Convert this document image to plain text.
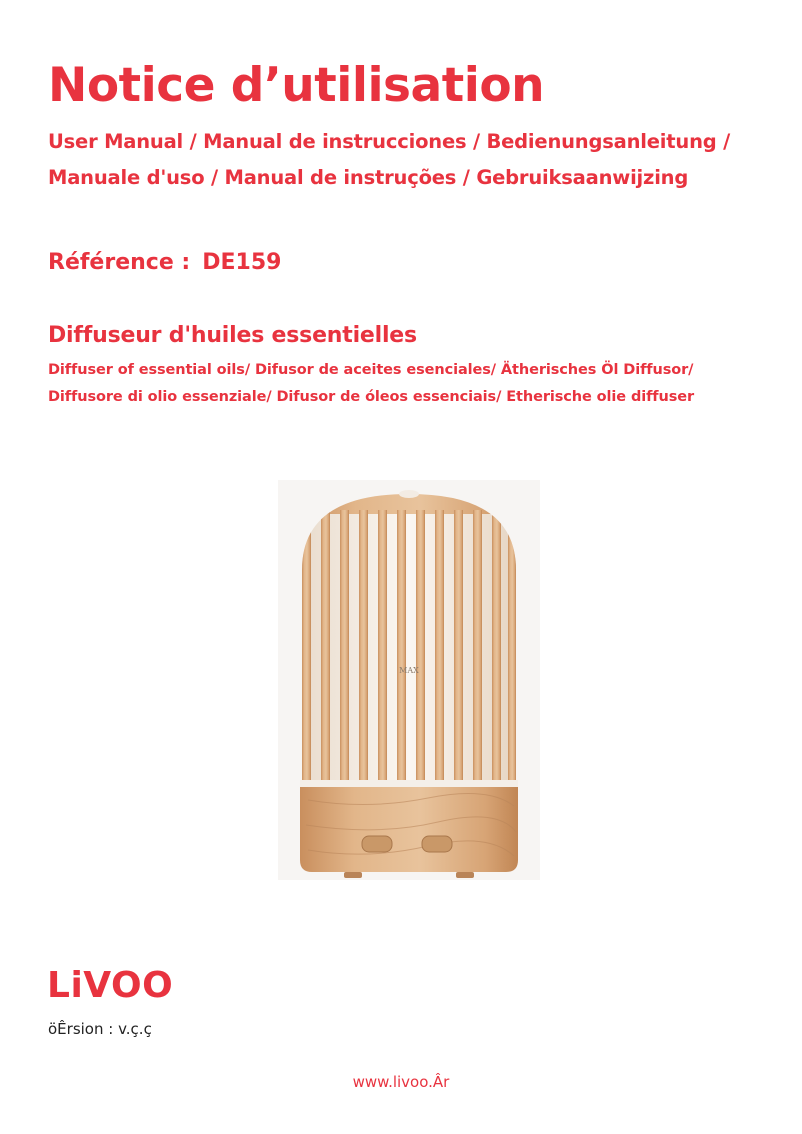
Notice d’utilisation
User Manual / Manual de instrucciones / Bedienungsanleitung /
Manuale d'uso / Manual de instruções / Gebruiksaanwijzing
Référence : DE159
Diffuseur d'huiles essentielles
Diffuser of essential oils/ Difusor de aceites esenciales/ Ätherisches Öl Diffusor/
Diffusore di olio essenziale/ Difusor de óleos essenciais/ Etherische olie diffuser
MAX
LiVOO
öÊrsion : v.ç.ç
www.livoo.Âr
